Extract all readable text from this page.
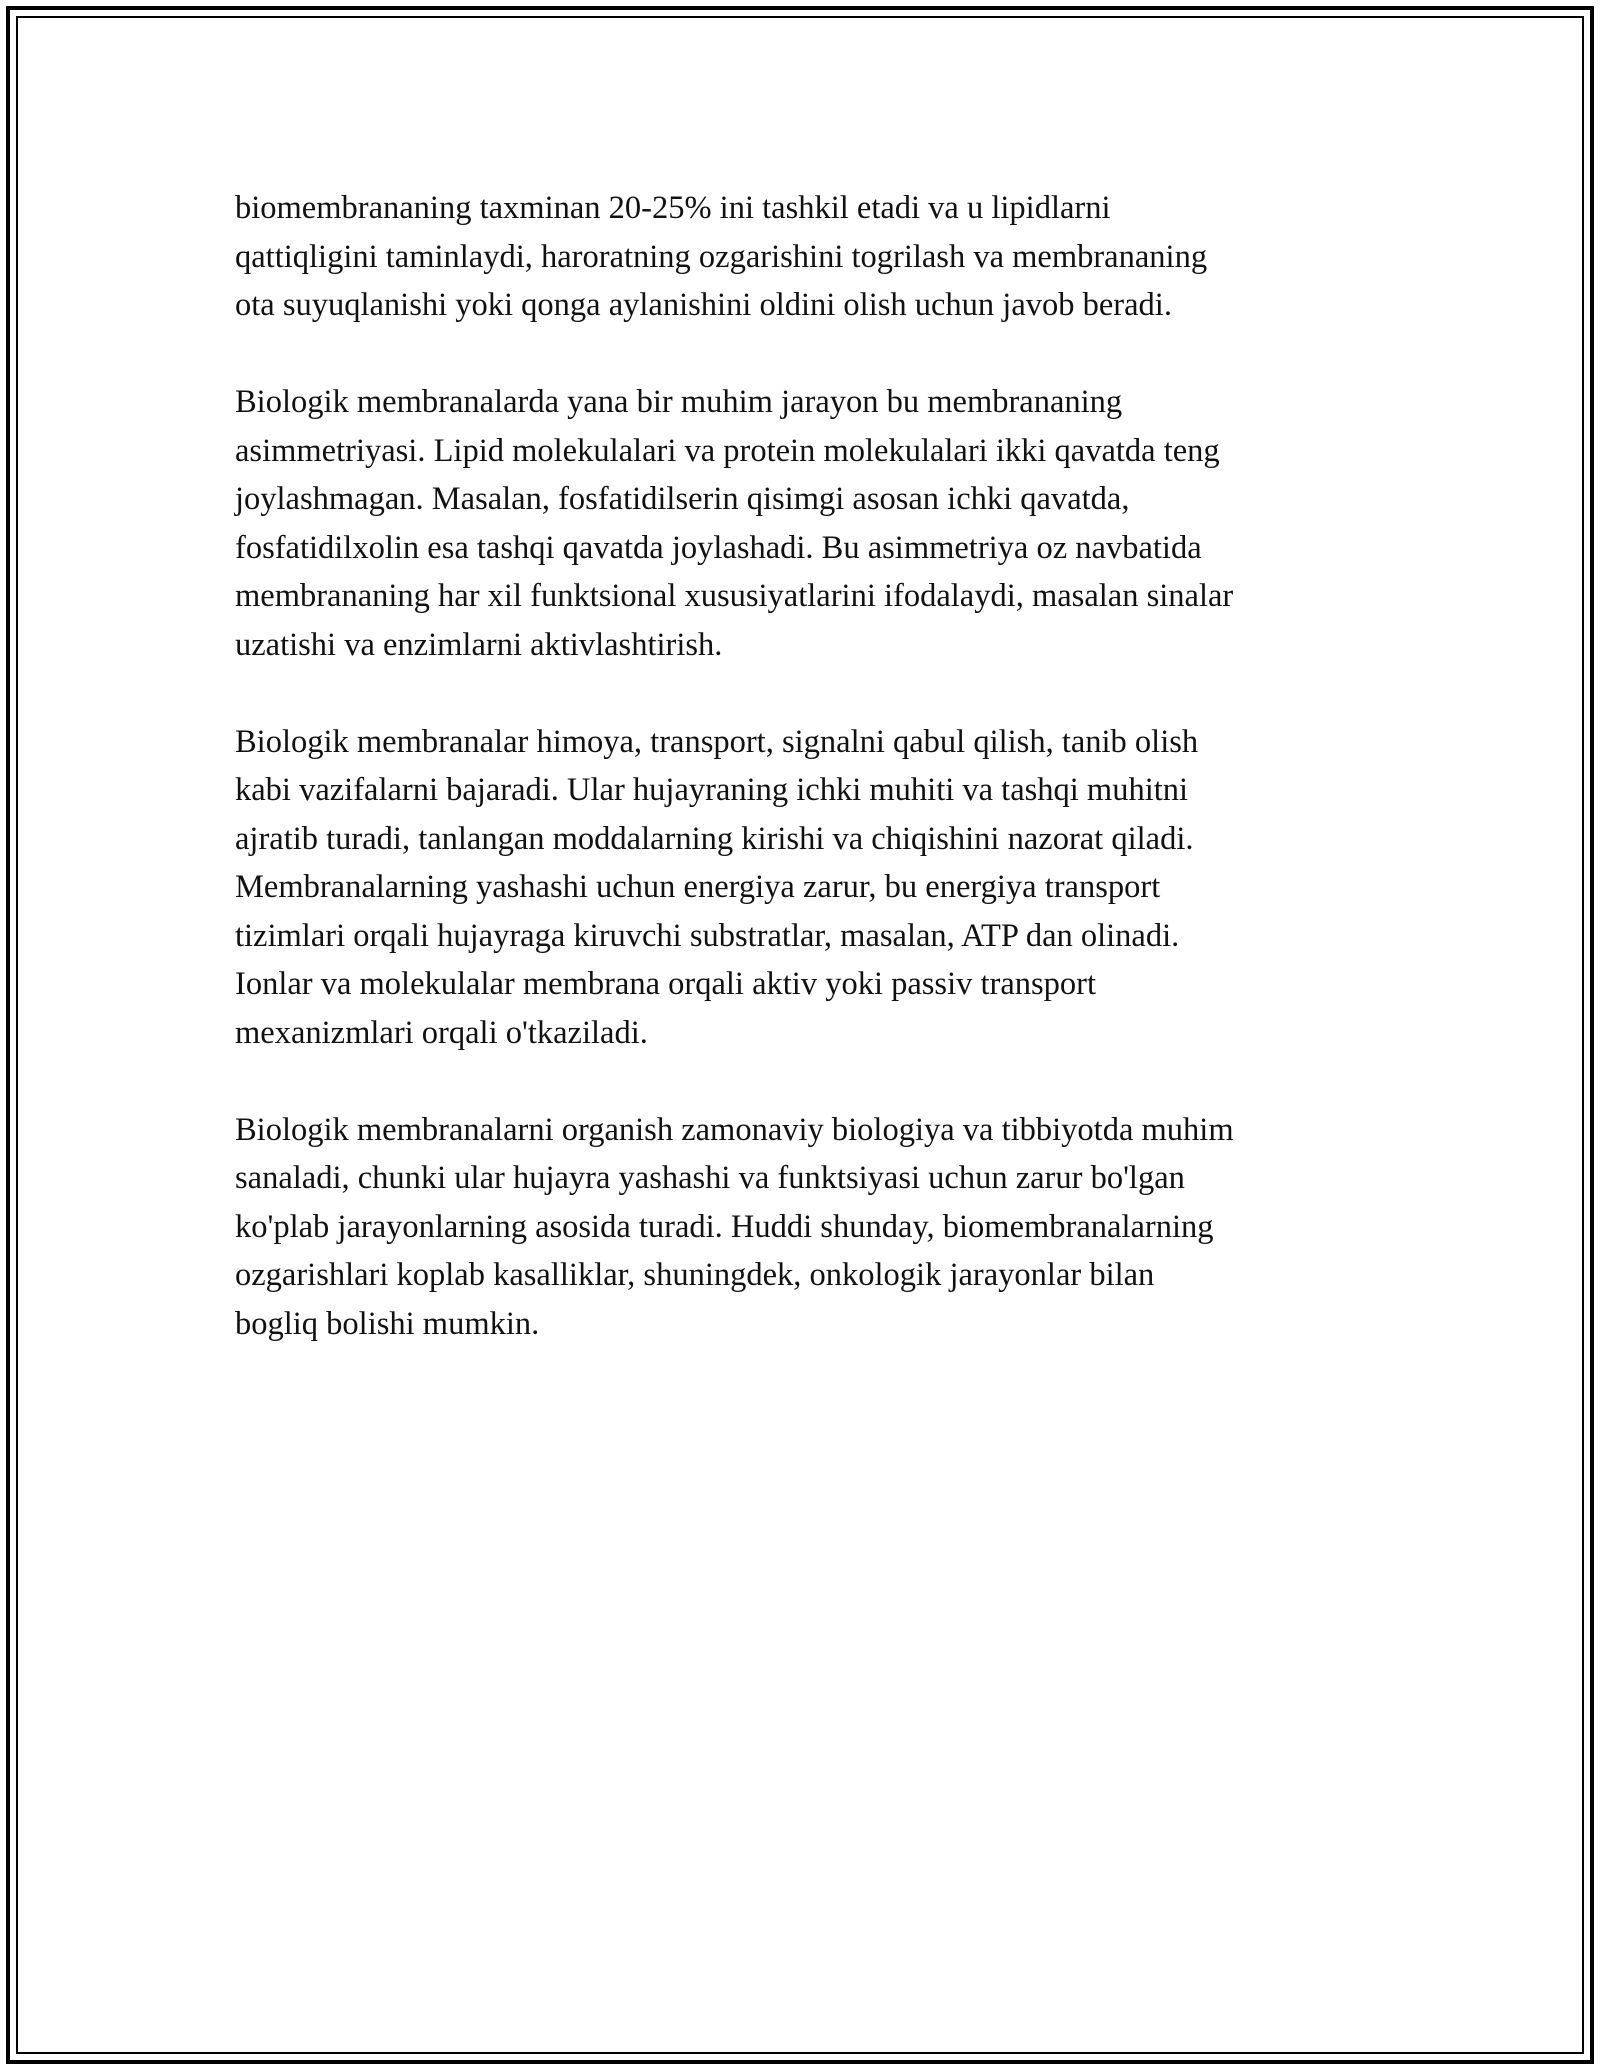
biomembrananing taxminan 20-25% ini tashkil etadi va u lipidlarni
qattiqligini taminlaydi, haroratning ozgarishini togrilash va membrananing
ota suyuqlanishi yoki qonga aylanishini oldini olish uchun javob beradi.

Biologik membranalarda yana bir muhim jarayon bu membrananing
asimmetriyasi. Lipid molekulalari va protein molekulalari ikki qavatda teng
joylashmagan. Masalan, fosfatidilserin qisimgi asosan ichki qavatda,
fosfatidilxolin esa tashqi qavatda joylashadi. Bu asimmetriya oz navbatida
membrananing har xil funktsional xususiyatlarini ifodalaydi, masalan sinalar
uzatishi va enzimlarni aktivlashtirish.

Biologik membranalar himoya, transport, signalni qabul qilish, tanib olish
kabi vazifalarni bajaradi. Ular hujayraning ichki muhiti va tashqi muhitni
ajratib turadi, tanlangan moddalarning kirishi va chiqishini nazorat qiladi.
Membranalarning yashashi uchun energiya zarur, bu energiya transport
tizimlari orqali hujayraga kiruvchi substratlar, masalan, ATP dan olinadi.
Ionlar va molekulalar membrana orqali aktiv yoki passiv transport
mexanizmlari orqali o'tkaziladi.

Biologik membranalarni organish zamonaviy biologiya va tibbiyotda muhim
sanaladi, chunki ular hujayra yashashi va funktsiyasi uchun zarur bo'lgan
ko'plab jarayonlarning asosida turadi. Huddi shunday, biomembranalarning
ozgarishlari koplab kasalliklar, shuningdek, onkologik jarayonlar bilan
bogliq bolishi mumkin.
